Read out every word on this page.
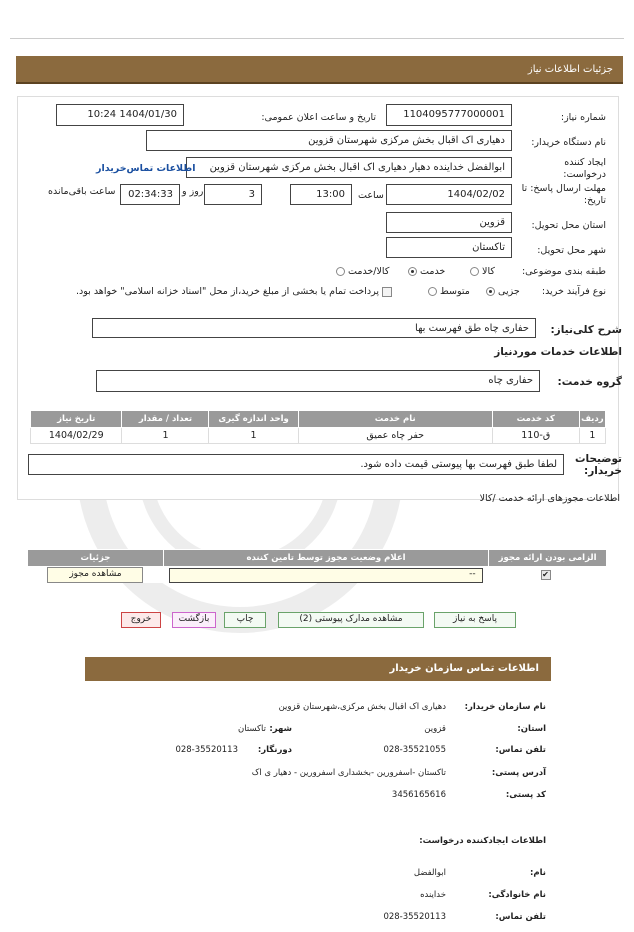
جزئیات اطلاعات نیاز
شماره نیاز:
1104095777000001
تاریخ و ساعت اعلان عمومی:
1404/01/30 10:24
نام دستگاه خریدار:
دهیاری اک اقبال بخش مرکزی شهرستان قزوین
ایجاد کننده درخواست:
ابوالفضل خداینده دهیار دهیاری اک اقبال بخش مرکزی شهرستان قزوین
اطلاعات تماس‌خریدار
مهلت ارسال پاسخ: تا تاریخ:
1404/02/02
ساعت
13:00
3
روز و
02:34:33
ساعت باقی‌مانده
استان محل تحویل:
قزوین
شهر محل تحویل:
تاکستان
طبقه بندی موضوعی:
کالا
خدمت
کالا/خدمت
نوع فرآیند خرید:
جزیی
متوسط
پرداخت تمام یا بخشی از مبلغ خرید،از محل "اسناد خزانه اسلامی" خواهد بود.
شرح کلی‌نیاز:
حفاری چاه طق فهرست بها
اطلاعات خدمات موردنیاز
گروه خدمت:
حفاری چاه
ردیف	کد خدمت	نام خدمت	واحد اندازه گیری	تعداد / مقدار	تاریخ نیاز
1	ق-110	حفر چاه عمیق	1	1	1404/02/29
توضیحات خریدار:
لطفا طبق فهرست بها پیوستی قیمت داده شود.
اطلاعات مجوزهای ارائه خدمت /کالا
الزامی بودن ارائه مجوز	اعلام وضعیت مجوز توسط تامین کننده	جزئیات
✔	--	مشاهده مجوز
پاسخ به نیاز
مشاهده مدارک پیوستی (2)
چاپ
بازگشت
خروج
اطلاعات تماس سازمان خریدار
نام سازمان خریدار:
دهیاری اک اقبال بخش مرکزی،شهرستان قزوین
استان:
قزوین
شهر:
تاکستان
تلفن تماس:
028-35521055
دورنگار:
028-35520113
آدرس پستی:
تاکستان -اسفرورین -بخشداری اسفرورین - دهیار ی اک
کد پستی:
3456165616
اطلاعات ایجادکننده درخواست:
نام:
ابوالفضل
نام خانوادگی:
خداینده
تلفن تماس:
028-35520113
